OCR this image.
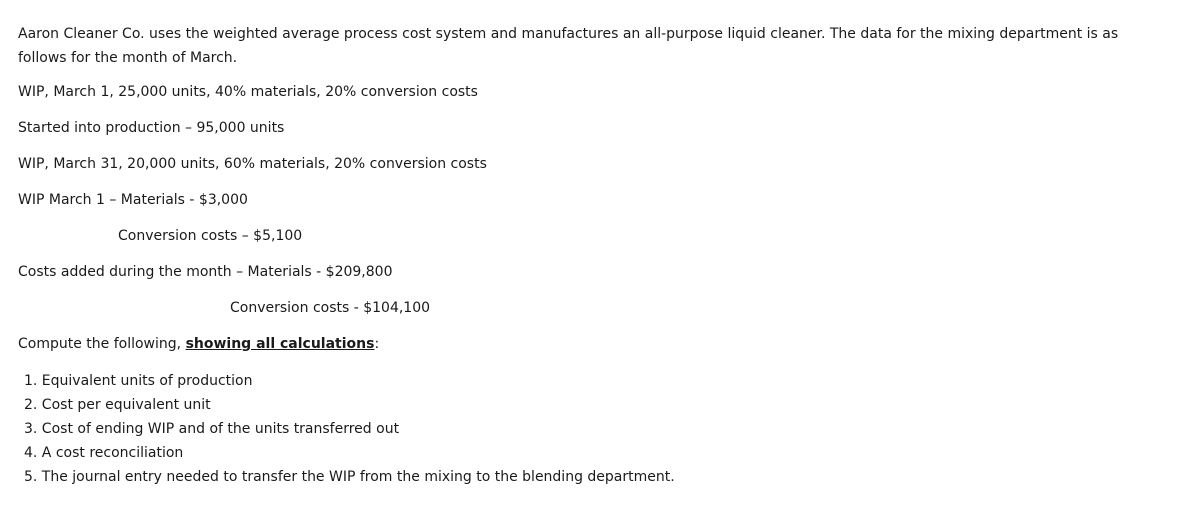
Aaron Cleaner Co. uses the weighted average process cost system and manufactures an all-purpose liquid cleaner. The data for the mixing department is as follows for the month of March.
WIP, March 1, 25,000 units, 40% materials, 20% conversion costs
Started into production – 95,000 units
WIP, March 31, 20,000 units, 60% materials, 20% conversion costs
WIP March 1 – Materials - $3,000
Conversion costs – $5,100
Costs added during the month – Materials - $209,800
Conversion costs - $104,100
Compute the following, showing all calculations:
1. Equivalent units of production
2. Cost per equivalent unit
3. Cost of ending WIP and of the units transferred out
4. A cost reconciliation
5. The journal entry needed to transfer the WIP from the mixing to the blending department.
